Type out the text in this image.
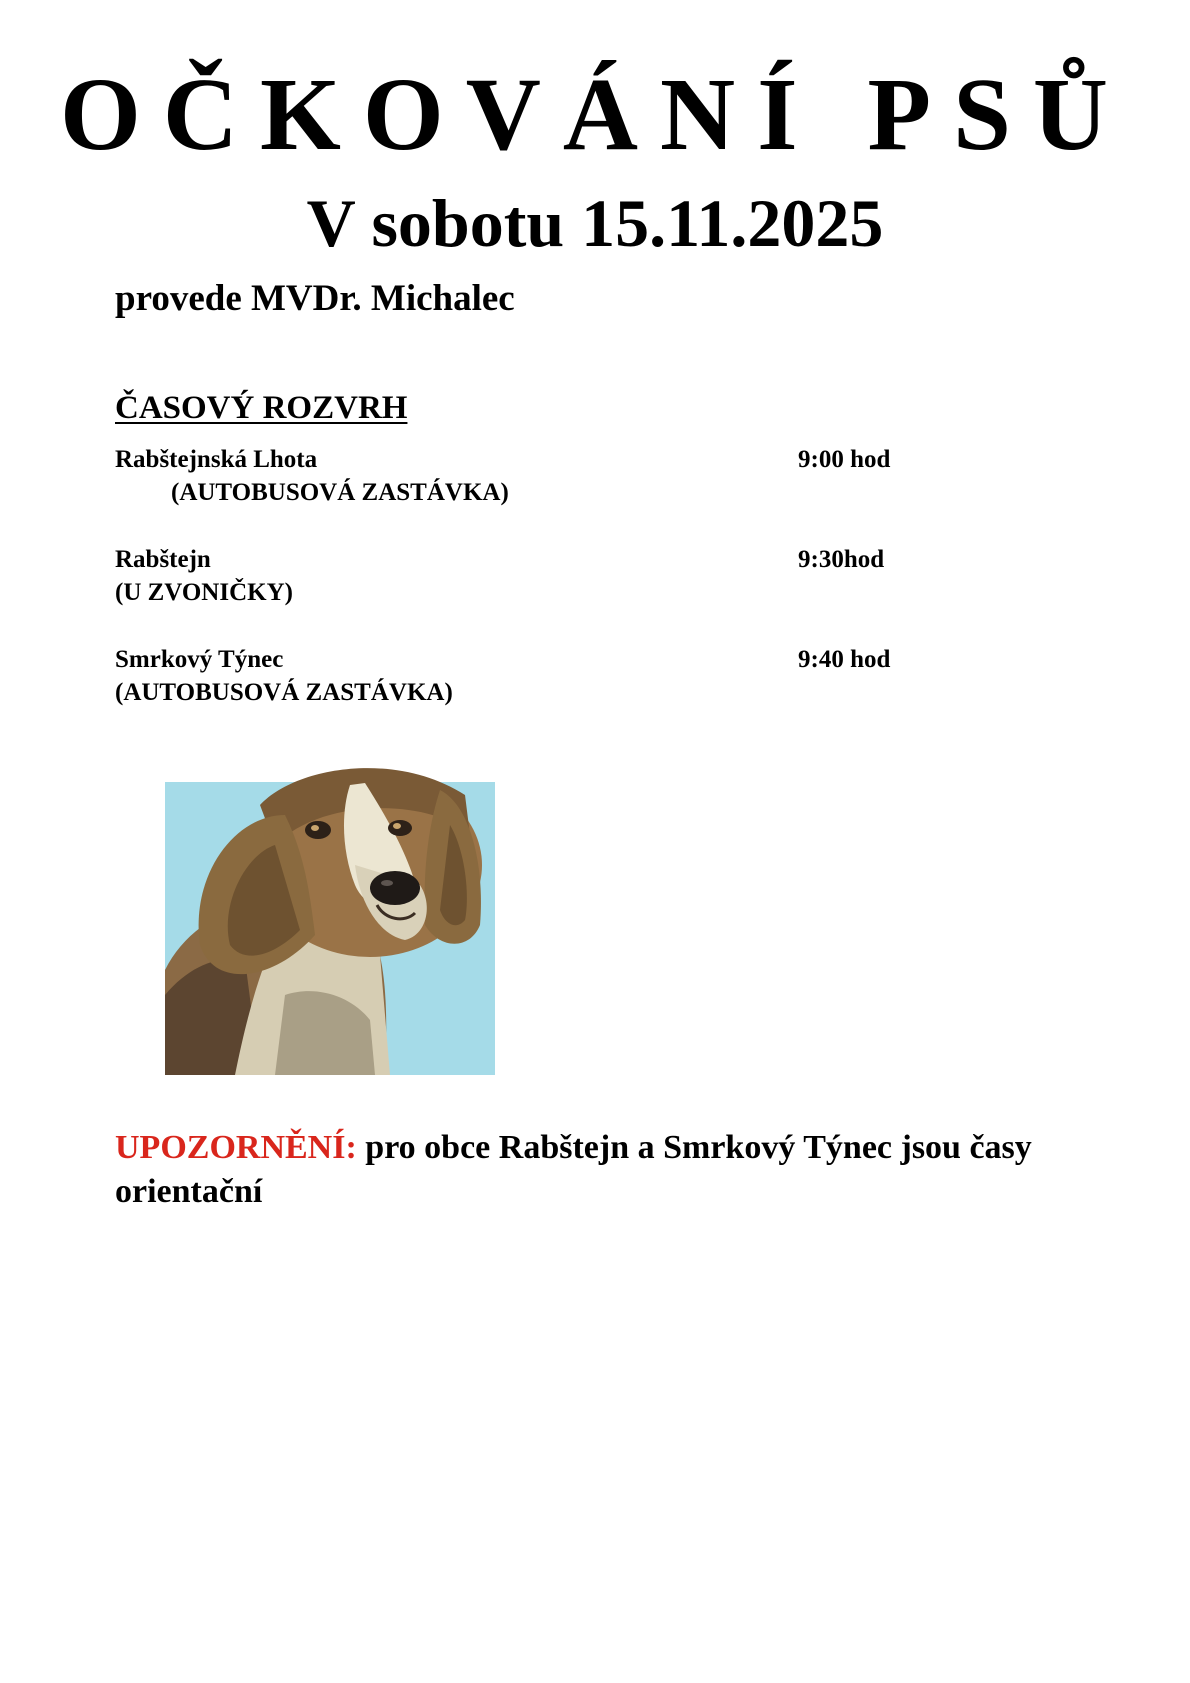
OČKOVÁNÍ PSŮ
V sobotu 15.11.2025
provede MVDr. Michalec
ČASOVÝ ROZVRH
Rabštejnská Lhota
(AUTOBUSOVÁ ZASTÁVKA)
9:00 hod
Rabštejn
(U ZVONIČKY)
9:30hod
Smrkový Týnec
(AUTOBUSOVÁ ZASTÁVKA)
9:40 hod
UPOZORNĚNÍ: pro obce Rabštejn a Smrkový Týnec jsou časy orientační
